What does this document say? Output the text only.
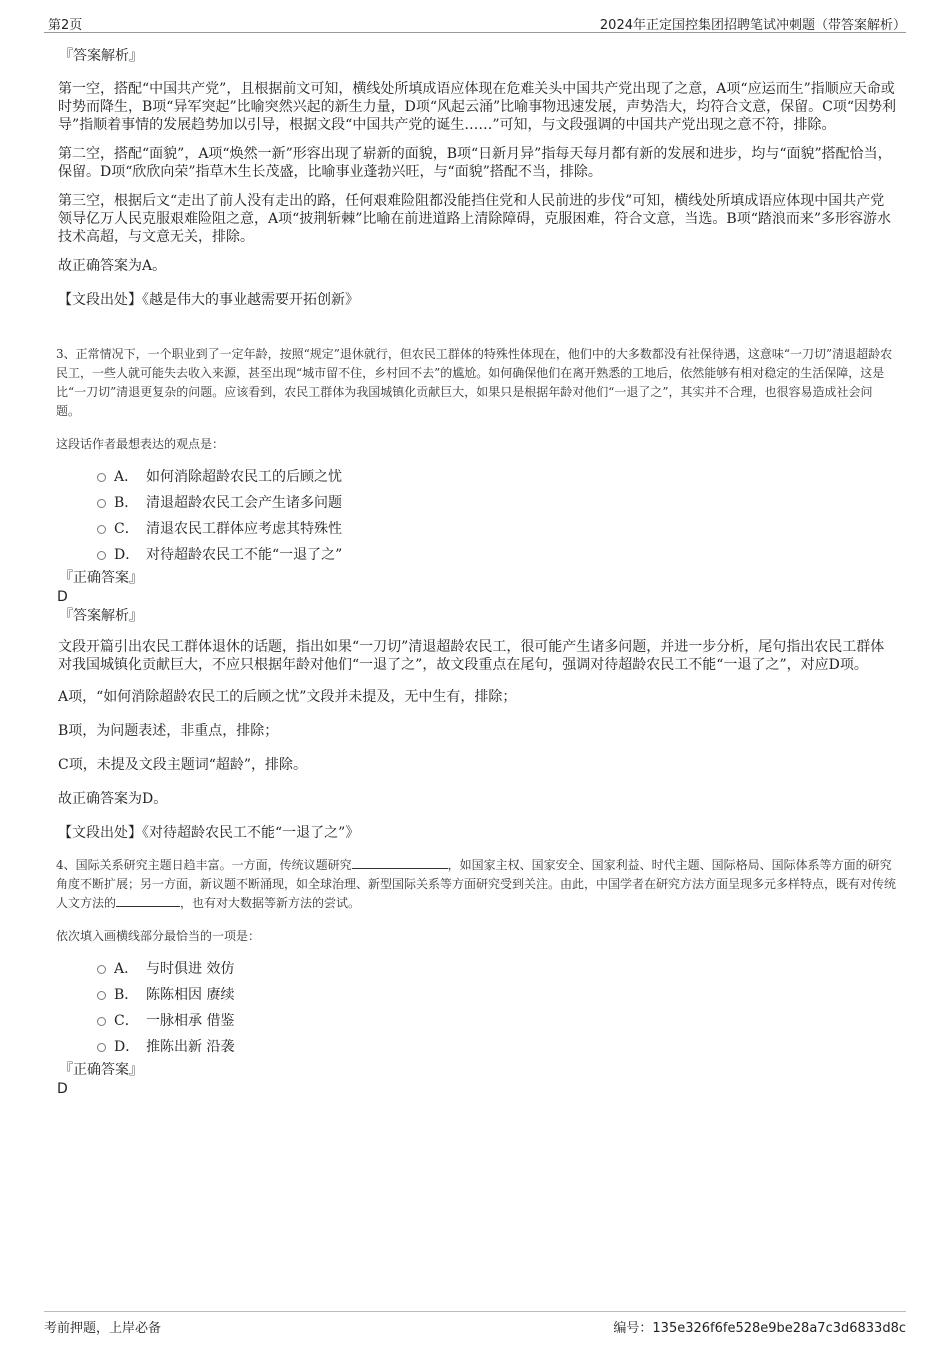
第2页	2024年正定国控集团招聘笔试冲刺题（带答案解析）

『答案解析』

第一空，搭配“中国共产党”，且根据前文可知，横线处所填成语应体现在危难关头中国共产党出现了之意，A项“应运而生”指顺应天命或时势而降生，B项“异军突起”比喻突然兴起的新生力量，D项“风起云涌”比喻事物迅速发展，声势浩大，均符合文意，保留。C项“因势利导”指顺着事情的发展趋势加以引导，根据文段“中国共产党的诞生……”可知，与文段强调的中国共产党出现之意不符，排除。

第二空，搭配“面貌”，A项“焕然一新”形容出现了崭新的面貌，B项“日新月异”指每天每月都有新的发展和进步，均与“面貌”搭配恰当，保留。D项“欣欣向荣”指草木生长茂盛，比喻事业蓬勃兴旺，与“面貌”搭配不当，排除。

第三空，根据后文“走出了前人没有走出的路，任何艰难险阻都没能挡住党和人民前进的步伐”可知，横线处所填成语应体现中国共产党领导亿万人民克服艰难险阻之意，A项“披荆斩棘”比喻在前进道路上清除障碍，克服困难，符合文意，当选。B项“踏浪而来”多形容游水技术高超，与文意无关，排除。

故正确答案为A。

【文段出处】《越是伟大的事业越需要开拓创新》

3、正常情况下，一个职业到了一定年龄，按照“规定”退休就行，但农民工群体的特殊性体现在，他们中的大多数都没有社保待遇，这意味“一刀切”清退超龄农民工，一些人就可能失去收入来源，甚至出现“城市留不住，乡村回不去”的尴尬。如何确保他们在离开熟悉的工地后，依然能够有相对稳定的生活保障，这是比“一刀切”清退更复杂的问题。应该看到，农民工群体为我国城镇化贡献巨大，如果只是根据年龄对他们“一退了之”，其实并不合理，也很容易造成社会问题。

这段话作者最想表达的观点是：

A． 如何消除超龄农民工的后顾之忧
B． 清退超龄农民工会产生诸多问题
C． 清退农民工群体应考虑其特殊性
D． 对待超龄农民工不能“一退了之”

『正确答案』

D

『答案解析』

文段开篇引出农民工群体退休的话题，指出如果“一刀切”清退超龄农民工，很可能产生诸多问题，并进一步分析，尾句指出农民工群体对我国城镇化贡献巨大，不应只根据年龄对他们“一退了之”，故文段重点在尾句，强调对待超龄农民工不能“一退了之”，对应D项。

A项，“如何消除超龄农民工的后顾之忧”文段并未提及，无中生有，排除；

B项，为问题表述，非重点，排除；

C项，未提及文段主题词“超龄”，排除。

故正确答案为D。

【文段出处】《对待超龄农民工不能“一退了之”》

4、国际关系研究主题日趋丰富。一方面，传统议题研究	，如国家主权、国家安全、国家利益、时代主题、国际格局、国际体系等方面的研究角度不断扩展；另一方面，新议题不断涌现，如全球治理、新型国际关系等方面研究受到关注。由此，中国学者在研究方法方面呈现多元多样特点，既有对传统人文方法的	，也有对大数据等新方法的尝试。

依次填入画横线部分最恰当的一项是：

A． 与时俱进 效仿
B． 陈陈相因 赓续
C． 一脉相承 借鉴
D． 推陈出新 沿袭

『正确答案』

D

考前押题，上岸必备	编号：135e326f6fe528e9be28a7c3d6833d8c
